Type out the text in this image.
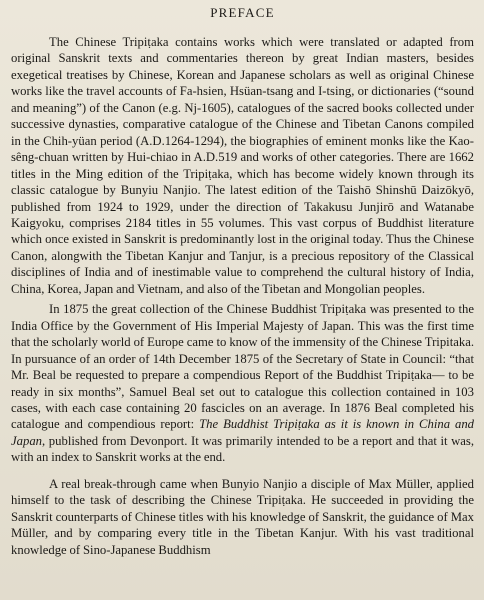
PREFACE

The Chinese Tripiṭaka contains works which were translated or adapted from original Sanskrit texts and commentaries thereon by great Indian masters, besides exegetical treatises by Chinese, Korean and Japanese scholars as well as original Chinese works like the travel accounts of Fa-hsien, Hsüan-tsang and I-tsing, or dictionaries (“sound and meaning”) of the Canon (e.g. Nj-1605), catalogues of the sacred books collected under successive dynasties, comparative catalogue of the Chinese and Tibetan Canons compiled in the Chih-yüan period (A.D.1264-1294), the biographies of eminent monks like the Kao-sêng-chuan written by Hui-chiao in A.D.519 and works of other categories. There are 1662 titles in the Ming edition of the Tripiṭaka, which has become widely known through its classic catalogue by Bunyiu Nanjio. The latest edition of the Taishō Shinshū Daizōkyō, published from 1924 to 1929, under the direction of Takakusu Junjirō and Watanabe Kaigyoku, comprises 2184 titles in 55 volumes. This vast corpus of Buddhist literature which once existed in Sanskrit is predominantly lost in the original today. Thus the Chinese Canon, alongwith the Tibetan Kanjur and Tanjur, is a precious repository of the Classical disciplines of India and of inestimable value to comprehend the cultural history of India, China, Korea, Japan and Vietnam, and also of the Tibetan and Mongolian peoples.

In 1875 the great collection of the Chinese Buddhist Tripiṭaka was presented to the India Office by the Government of His Imperial Majesty of Japan. This was the first time that the scholarly world of Europe came to know of the immensity of the Chinese Tripitaka. In pursuance of an order of 14th December 1875 of the Secretary of State in Council: “that Mr. Beal be requested to prepare a compendious Report of the Buddhist Tripiṭaka— to be ready in six months”, Samuel Beal set out to catalogue this collection contained in 103 cases, with each case containing 20 fascicles on an average. In 1876 Beal completed his catalogue and compendious report: The Buddhist Tripiṭaka as it is known in China and Japan, published from Devonport. It was primarily intended to be a report and that it was, with an index to Sanskrit works at the end.

A real break-through came when Bunyio Nanjio a disciple of Max Müller, applied himself to the task of describing the Chinese Tripiṭaka. He succeeded in providing the Sanskrit counterparts of Chinese titles with his knowledge of Sanskrit, the guidance of Max Müller, and by comparing every title in the Tibetan Kanjur. With his vast traditional knowledge of Sino-Japanese Buddhism
